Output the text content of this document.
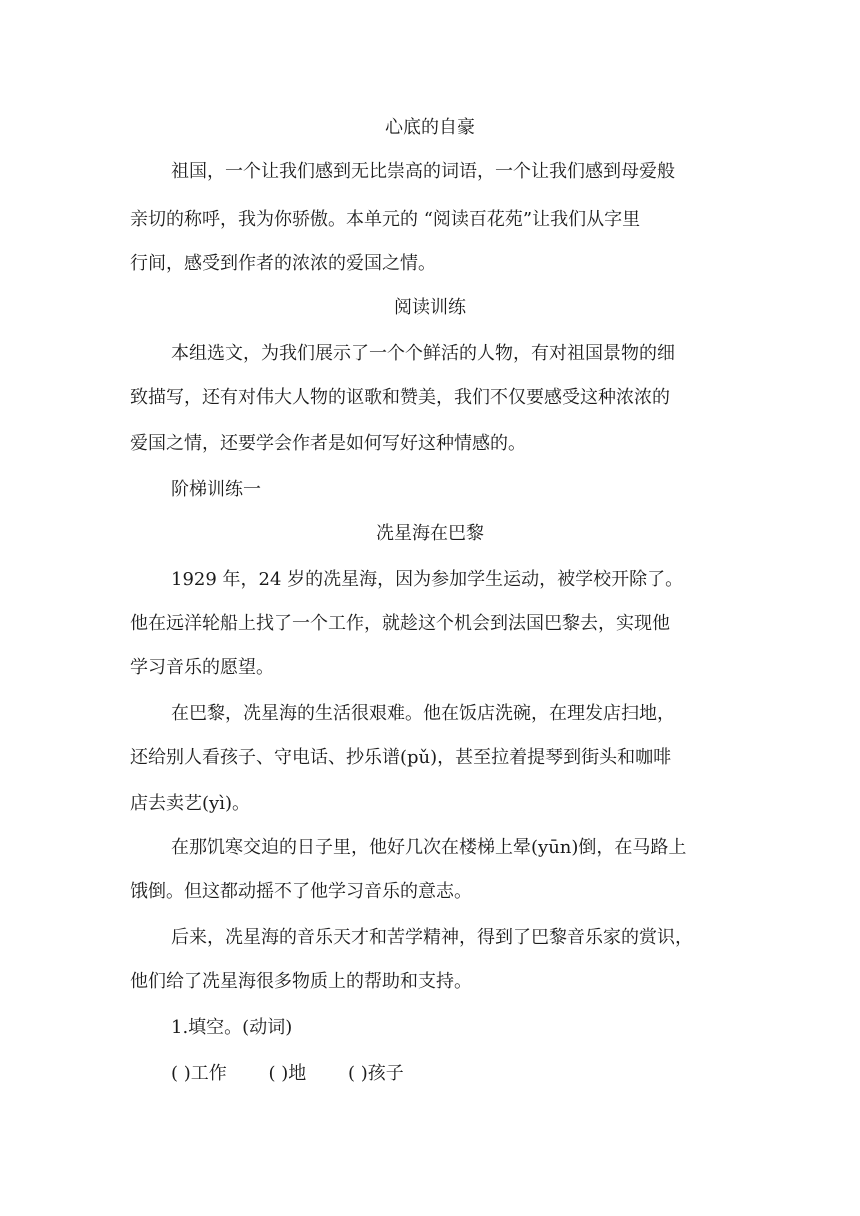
心底的自豪
祖国，一个让我们感到无比崇高的词语，一个让我们感到母爱般
亲切的称呼，我为你骄傲。本单元的 “阅读百花苑”让我们从字里
行间，感受到作者的浓浓的爱国之情。
阅读训练
本组选文，为我们展示了一个个鲜活的人物，有对祖国景物的细
致描写，还有对伟大人物的讴歌和赞美，我们不仅要感受这种浓浓的
爱国之情，还要学会作者是如何写好这种情感的。
阶梯训练一
冼星海在巴黎
1929 年，24 岁的冼星海，因为参加学生运动，被学校开除了。
他在远洋轮船上找了一个工作，就趁这个机会到法国巴黎去，实现他
学习音乐的愿望。
在巴黎，冼星海的生活很艰难。他在饭店洗碗，在理发店扫地，
还给别人看孩子、守电话、抄乐谱(pǔ)，甚至拉着提琴到街头和咖啡
店去卖艺(yì)。
在那饥寒交迫的日子里，他好几次在楼梯上晕(yūn)倒，在马路上
饿倒。但这都动摇不了他学习音乐的意志。
后来，冼星海的音乐天才和苦学精神，得到了巴黎音乐家的赏识，
他们给了冼星海很多物质上的帮助和支持。
1.填空。(动词)
( )工作 ( )地 ( )孩子
